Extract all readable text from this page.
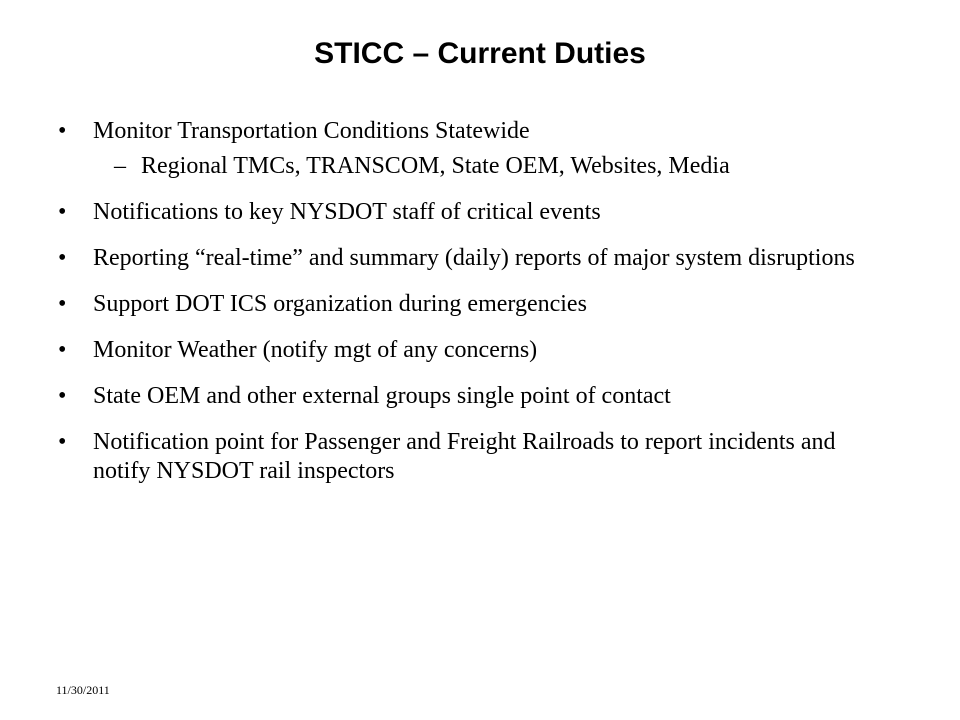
STICC – Current Duties
• Monitor Transportation Conditions Statewide
– Regional TMCs, TRANSCOM, State OEM, Websites, Media
• Notifications to key NYSDOT staff of critical events
• Reporting “real-time” and summary (daily) reports of major system disruptions
• Support DOT ICS organization during emergencies
• Monitor Weather (notify mgt of any concerns)
• State OEM and other external groups single point of contact
• Notification point for Passenger and Freight Railroads to report incidents and notify NYSDOT rail inspectors
11/30/2011
